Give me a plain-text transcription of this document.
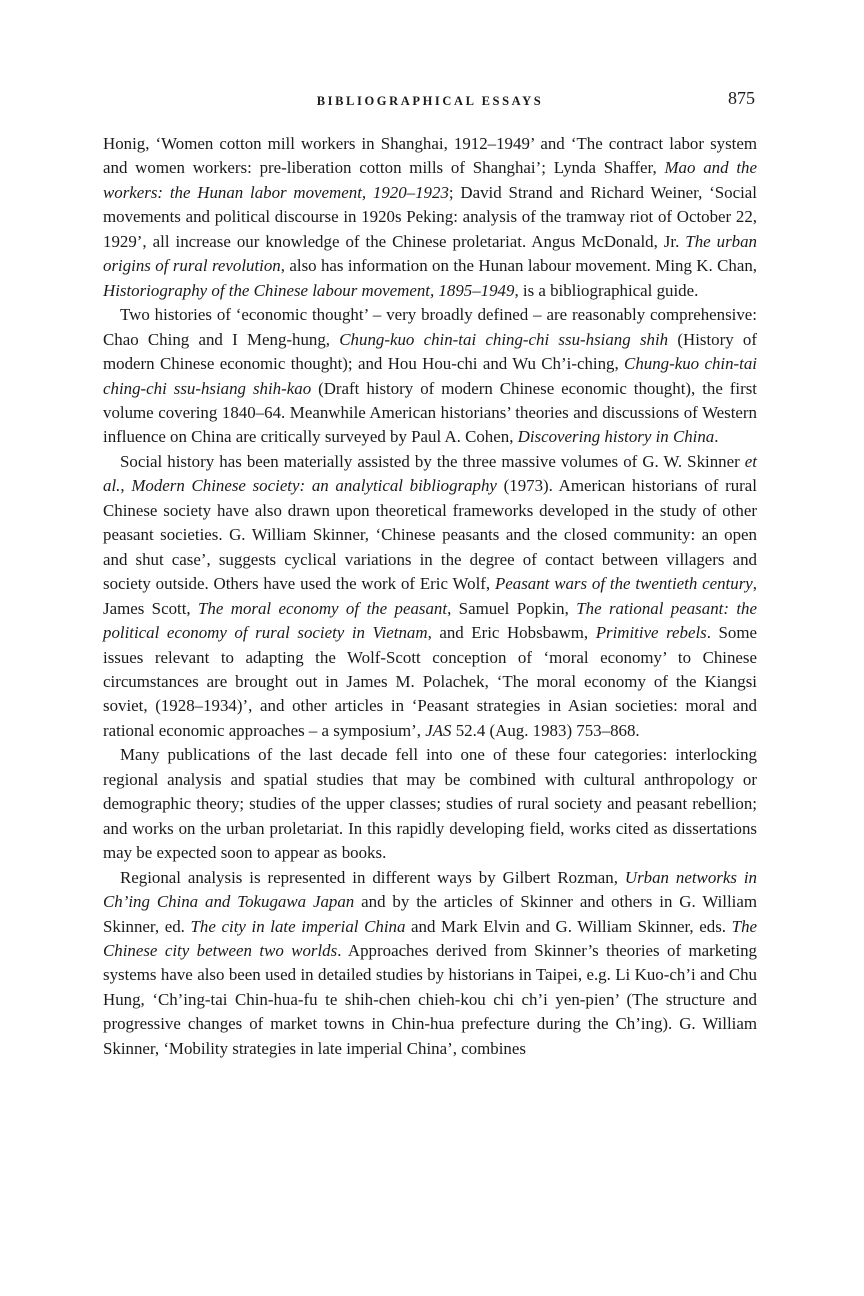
BIBLIOGRAPHICAL ESSAYS	875

Honig, ‘Women cotton mill workers in Shanghai, 1912–1949’ and ‘The contract labor system and women workers: pre-liberation cotton mills of Shanghai’; Lynda Shaffer, Mao and the workers: the Hunan labor movement, 1920–1923; David Strand and Richard Weiner, ‘Social movements and political discourse in 1920s Peking: analysis of the tramway riot of October 22, 1929’, all increase our knowledge of the Chinese proletariat. Angus McDonald, Jr. The urban origins of rural revolution, also has information on the Hunan labour movement. Ming K. Chan, Historiography of the Chinese labour movement, 1895–1949, is a bibliographical guide.

Two histories of ‘economic thought’ – very broadly defined – are reasonably comprehensive: Chao Ching and I Meng-hung, Chung-kuo chin-tai ching-chi ssu-hsiang shih (History of modern Chinese economic thought); and Hou Hou-chi and Wu Ch’i-ching, Chung-kuo chin-tai ching-chi ssu-hsiang shih-kao (Draft history of modern Chinese economic thought), the first volume covering 1840–64. Meanwhile American historians’ theories and discussions of Western influence on China are critically surveyed by Paul A. Cohen, Discovering history in China.

Social history has been materially assisted by the three massive volumes of G. W. Skinner et al., Modern Chinese society: an analytical bibliography (1973). American historians of rural Chinese society have also drawn upon theoretical frameworks developed in the study of other peasant societies. G. William Skinner, ‘Chinese peasants and the closed community: an open and shut case’, suggests cyclical variations in the degree of contact between villagers and society outside. Others have used the work of Eric Wolf, Peasant wars of the twentieth century, James Scott, The moral economy of the peasant, Samuel Popkin, The rational peasant: the political economy of rural society in Vietnam, and Eric Hobsbawm, Primitive rebels. Some issues relevant to adapting the Wolf-Scott conception of ‘moral economy’ to Chinese circumstances are brought out in James M. Polachek, ‘The moral economy of the Kiangsi soviet, (1928–1934)’, and other articles in ‘Peasant strategies in Asian societies: moral and rational economic approaches – a symposium’, JAS 52.4 (Aug. 1983) 753–868.

Many publications of the last decade fell into one of these four categories: interlocking regional analysis and spatial studies that may be combined with cultural anthropology or demographic theory; studies of the upper classes; studies of rural society and peasant rebellion; and works on the urban proletariat. In this rapidly developing field, works cited as dissertations may be expected soon to appear as books.

Regional analysis is represented in different ways by Gilbert Rozman, Urban networks in Ch’ing China and Tokugawa Japan and by the articles of Skinner and others in G. William Skinner, ed. The city in late imperial China and Mark Elvin and G. William Skinner, eds. The Chinese city between two worlds. Approaches derived from Skinner’s theories of marketing systems have also been used in detailed studies by historians in Taipei, e.g. Li Kuo-ch’i and Chu Hung, ‘Ch’ing-tai Chin-hua-fu te shih-chen chieh-kou chi ch’i yen-pien’ (The structure and progressive changes of market towns in Chin-hua prefecture during the Ch’ing). G. William Skinner, ‘Mobility strategies in late imperial China’, combines
